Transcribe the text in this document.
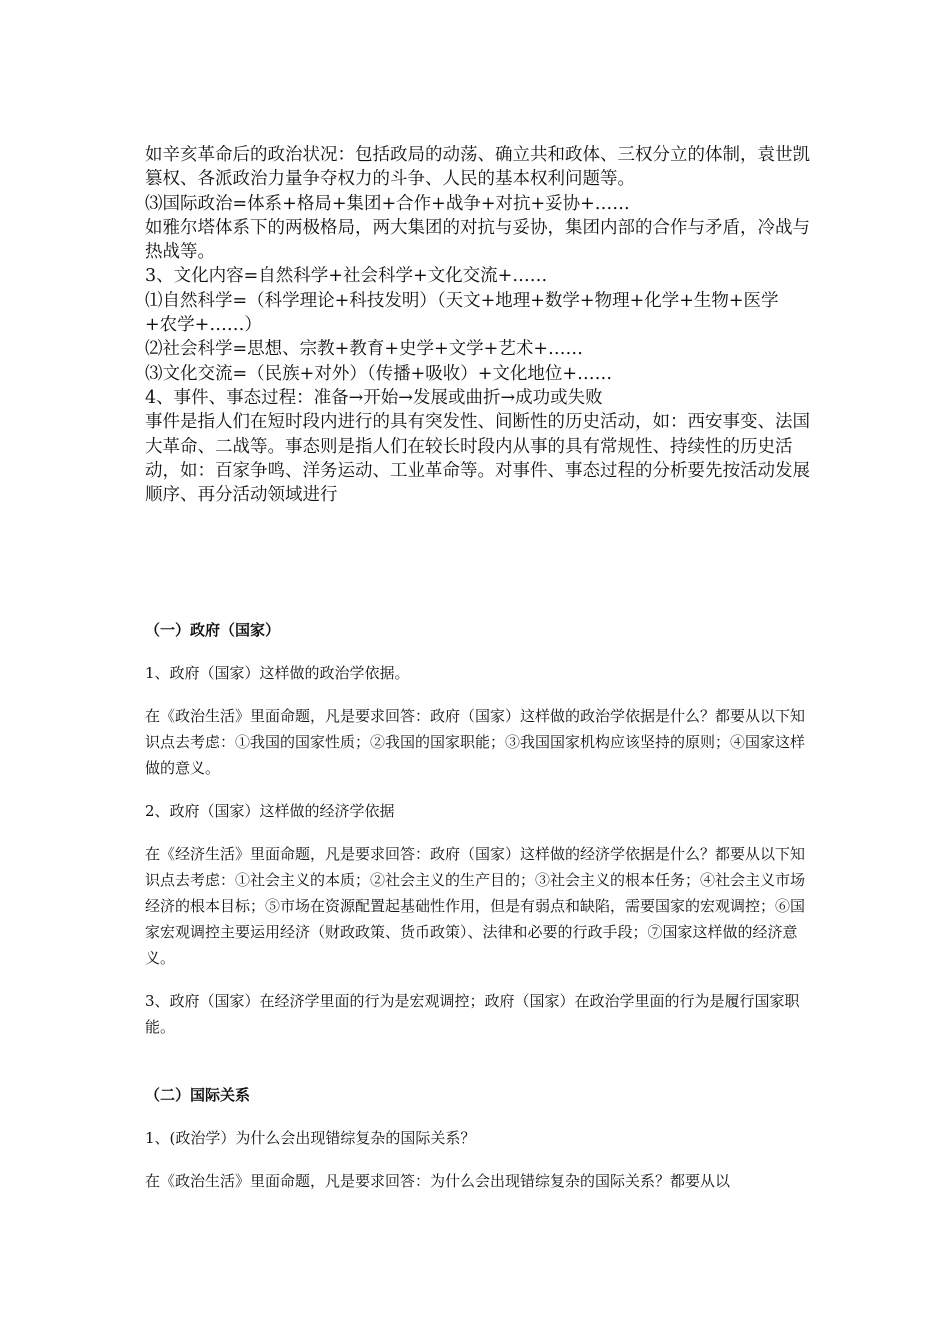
如辛亥革命后的政治状况：包括政局的动荡、确立共和政体、三权分立的体制，袁世凯篡权、各派政治力量争夺权力的斗争、人民的基本权利问题等。

⑶国际政治=体系+格局+集团+合作+战争+对抗+妥协+……

如雅尔塔体系下的两极格局，两大集团的对抗与妥协，集团内部的合作与矛盾，冷战与热战等。

3、文化内容=自然科学+社会科学+文化交流+……

⑴自然科学=（科学理论+科技发明）（天文+地理+数学+物理+化学+生物+医学+农学+……）

⑵社会科学=思想、宗教+教育+史学+文学+艺术+……

⑶文化交流=（民族+对外）（传播+吸收）+文化地位+……

4、事件、事态过程：准备→开始→发展或曲折→成功或失败

事件是指人们在短时段内进行的具有突发性、间断性的历史活动，如：西安事变、法国大革命、二战等。事态则是指人们在较长时段内从事的具有常规性、持续性的历史活动，如：百家争鸣、洋务运动、工业革命等。对事件、事态过程的分析要先按活动发展顺序、再分活动领域进行

（一）政府（国家）

1、政府（国家）这样做的政治学依据。

在《政治生活》里面命题，凡是要求回答：政府（国家）这样做的政治学依据是什么？都要从以下知识点去考虑：①我国的国家性质；②我国的国家职能；③我国国家机构应该坚持的原则；④国家这样做的意义。

2、政府（国家）这样做的经济学依据

在《经济生活》里面命题，凡是要求回答：政府（国家）这样做的经济学依据是什么？都要从以下知识点去考虑：①社会主义的本质；②社会主义的生产目的；③社会主义的根本任务；④社会主义市场经济的根本目标；⑤市场在资源配置起基础性作用，但是有弱点和缺陷，需要国家的宏观调控；⑥国家宏观调控主要运用经济（财政政策、货币政策）、法律和必要的行政手段；⑦国家这样做的经济意义。

3、政府（国家）在经济学里面的行为是宏观调控；政府（国家）在政治学里面的行为是履行国家职能。

（二）国际关系

1、(政治学）为什么会出现错综复杂的国际关系？

在《政治生活》里面命题，凡是要求回答：为什么会出现错综复杂的国际关系？都要从以
